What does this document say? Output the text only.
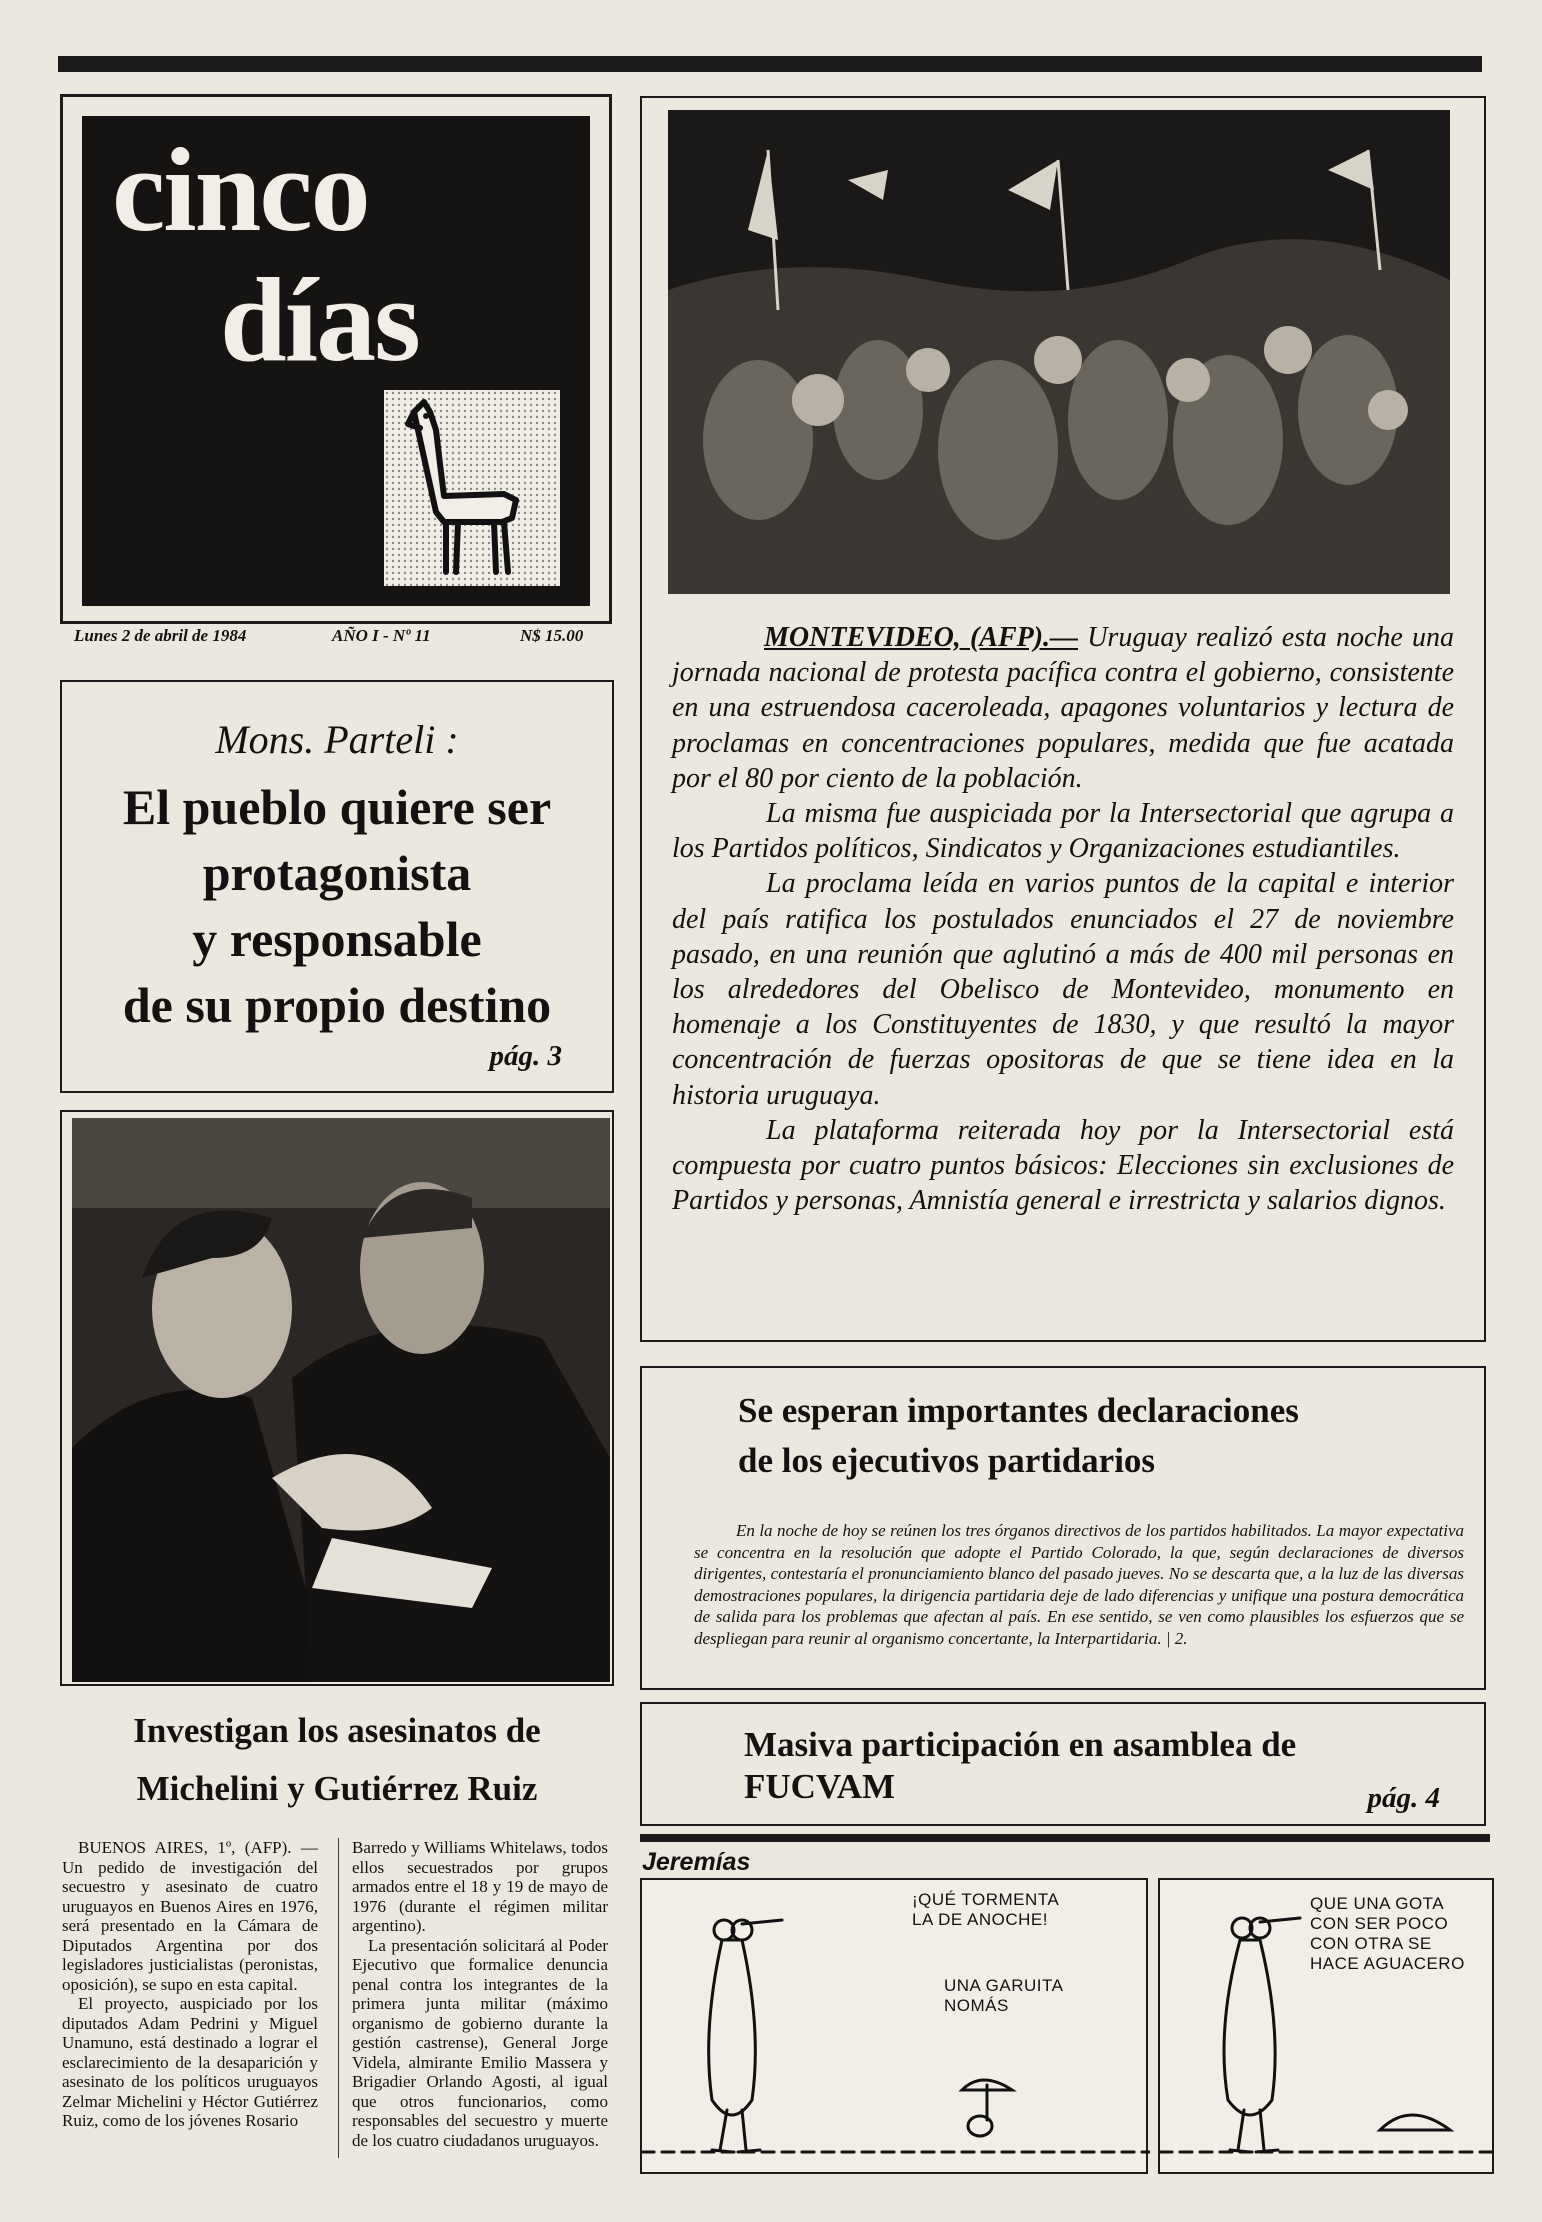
cinco
días
Lunes 2 de abril de 1984	AÑO I - Nº 11	N$ 15.00
Mons. Parteli :
El pueblo quiere ser
protagonista
y responsable
de su propio destino
pág. 3

MONTEVIDEO, (AFP).— Uruguay realizó esta noche una jornada nacional de protesta pacífica contra el gobierno, consistente en una estruendosa caceroleada, apagones voluntarios y lectura de proclamas en concentraciones populares, medida que fue acatada por el 80 por ciento de la población.

La misma fue auspiciada por la Intersectorial que agrupa a los Partidos políticos, Sindicatos y Organizaciones estudiantiles.

La proclama leída en varios puntos de la capital e interior del país ratifica los postulados enunciados el 27 de noviembre pasado, en una reunión que aglutinó a más de 400 mil personas en los alrededores del Obelisco de Montevideo, monumento en homenaje a los Constituyentes de 1830, y que resultó la mayor concentración de fuerzas opositoras de que se tiene idea en la historia uruguaya.

La plataforma reiterada hoy por la Intersectorial está compuesta por cuatro puntos básicos: Elecciones sin exclusiones de Partidos y personas, Amnistía general e irrestricta y salarios dignos.

Se esperan importantes declaraciones
de los ejecutivos partidarios
En la noche de hoy se reúnen los tres órganos directivos de los partidos habilitados. La mayor expectativa se concentra en la resolución que adopte el Partido Colorado, la que, según declaraciones de diversos dirigentes, contestaría el pronunciamiento blanco del pasado jueves. No se descarta que, a la luz de las diversas demostraciones populares, la dirigencia partidaria deje de lado diferencias y unifique una postura democrática de salida para los problemas que afectan al país. En ese sentido, se ven como plausibles los esfuerzos que se despliegan para reunir al organismo concertante, la Interpartidaria. | 2.
Masiva participación en asamblea de
FUCVAM	pág. 4
Investigan los asesinatos de
Michelini y Gutiérrez Ruiz

BUENOS AIRES, 1º, (AFP). — Un pedido de investigación del secuestro y asesinato de cuatro uruguayos en Buenos Aires en 1976, será presentado en la Cámara de Diputados Argentina por dos legisladores justicialistas (peronistas, oposición), se supo en esta capital.

El proyecto, auspiciado por los diputados Adam Pedrini y Miguel Unamuno, está destinado a lograr el esclarecimiento de la desaparición y asesinato de los políticos uruguayos Zelmar Michelini y Héctor Gutiérrez Ruiz, como de los jóvenes Rosario

Barredo y Williams Whitelaws, todos ellos secuestrados por grupos armados entre el 18 y 19 de mayo de 1976 (durante el régimen militar argentino).

La presentación solicitará al Poder Ejecutivo que formalice denuncia penal contra los integrantes de la primera junta militar (máximo organismo de gobierno durante la gestión castrense), General Jorge Videla, almirante Emilio Massera y Brigadier Orlando Agosti, al igual que otros funcionarios, como responsables del secuestro y muerte de los cuatro ciudadanos uruguayos.

Jeremías
¡QUÉ TORMENTA
LA DE ANOCHE!
UNA GARUITA
NOMÁS
QUE UNA GOTA
CON SER POCO
CON OTRA SE
HACE AGUACERO
